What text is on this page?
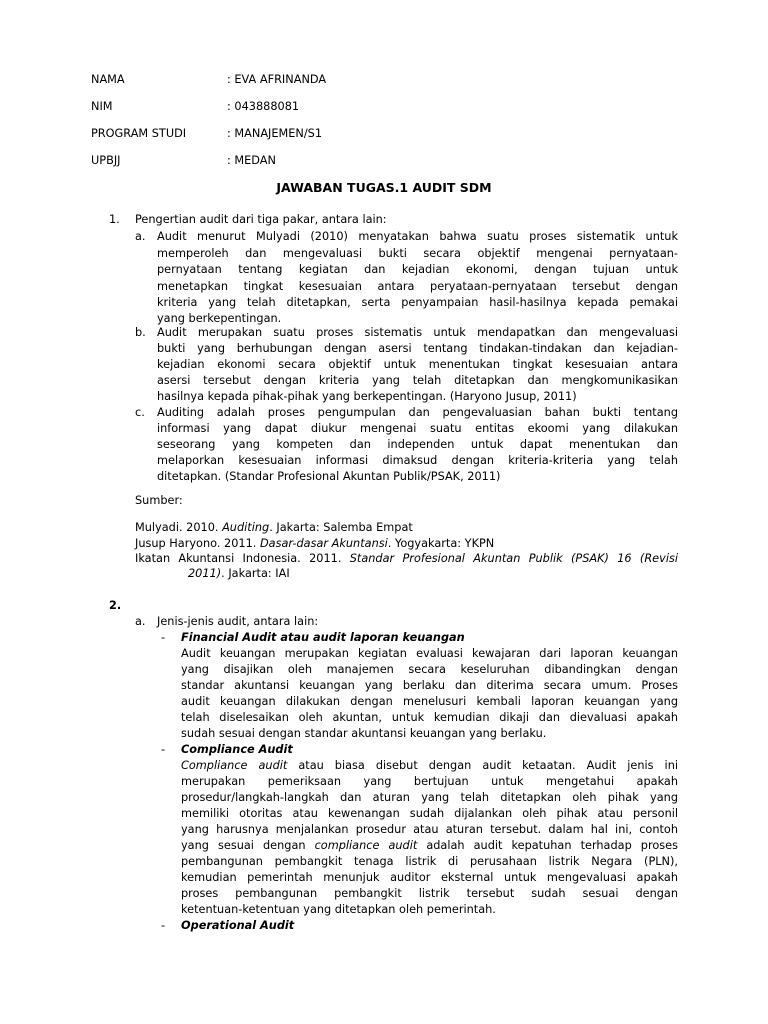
NAMA	: EVA AFRINANDA
NIM	: 043888081
PROGRAM STUDI	: MANAJEMEN/S1
UPBJJ	: MEDAN
JAWABAN TUGAS.1 AUDIT SDM
1. Pengertian audit dari tiga pakar, antara lain:
a. Audit menurut Mulyadi (2010) menyatakan bahwa suatu proses sistematik untuk
memperoleh dan mengevaluasi bukti secara objektif mengenai pernyataan-
pernyataan tentang kegiatan dan kejadian ekonomi, dengan tujuan untuk
menetapkan tingkat kesesuaian antara peryataan-pernyataan tersebut dengan
kriteria yang telah ditetapkan, serta penyampaian hasil-hasilnya kepada pemakai
yang berkepentingan.
b. Audit merupakan suatu proses sistematis untuk mendapatkan dan mengevaluasi
bukti yang berhubungan dengan asersi tentang tindakan-tindakan dan kejadian-
kejadian ekonomi secara objektif untuk menentukan tingkat kesesuaian antara
asersi tersebut dengan kriteria yang telah ditetapkan dan mengkomunikasikan
hasilnya kepada pihak-pihak yang berkepentingan. (Haryono Jusup, 2011)
c. Auditing adalah proses pengumpulan dan pengevaluasian bahan bukti tentang
informasi yang dapat diukur mengenai suatu entitas ekoomi yang dilakukan
seseorang yang kompeten dan independen untuk dapat menentukan dan
melaporkan kesesuaian informasi dimaksud dengan kriteria-kriteria yang telah
ditetapkan. (Standar Profesional Akuntan Publik/PSAK, 2011)
Sumber:
Mulyadi. 2010. Auditing. Jakarta: Salemba Empat
Jusup Haryono. 2011. Dasar-dasar Akuntansi. Yogyakarta: YKPN
Ikatan Akuntansi Indonesia. 2011. Standar Profesional Akuntan Publik (PSAK) 16 (Revisi
2011). Jakarta: IAI
2.
a. Jenis-jenis audit, antara lain:
- Financial Audit atau audit laporan keuangan
Audit keuangan merupakan kegiatan evaluasi kewajaran dari laporan keuangan
yang disajikan oleh manajemen secara keseluruhan dibandingkan dengan
standar akuntansi keuangan yang berlaku dan diterima secara umum. Proses
audit keuangan dilakukan dengan menelusuri kembali laporan keuangan yang
telah diselesaikan oleh akuntan, untuk kemudian dikaji dan dievaluasi apakah
sudah sesuai dengan standar akuntansi keuangan yang berlaku.
- Compliance Audit
Compliance audit atau biasa disebut dengan audit ketaatan. Audit jenis ini
merupakan pemeriksaan yang bertujuan untuk mengetahui apakah
prosedur/langkah-langkah dan aturan yang telah ditetapkan oleh pihak yang
memiliki otoritas atau kewenangan sudah dijalankan oleh pihak atau personil
yang harusnya menjalankan prosedur atau aturan tersebut. dalam hal ini, contoh
yang sesuai dengan compliance audit adalah audit kepatuhan terhadap proses
pembangunan pembangkit tenaga listrik di perusahaan listrik Negara (PLN),
kemudian pemerintah menunjuk auditor eksternal untuk mengevaluasi apakah
proses pembangunan pembangkit listrik tersebut sudah sesuai dengan
ketentuan-ketentuan yang ditetapkan oleh pemerintah.
- Operational Audit
